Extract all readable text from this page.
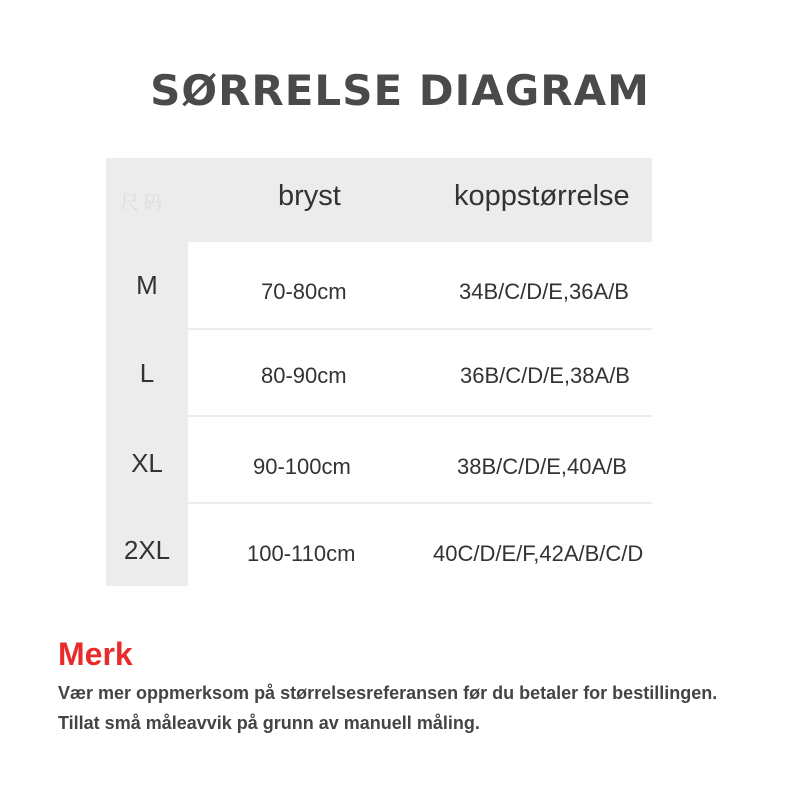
SØRRELSE DIAGRAM
尺码	bryst	koppstørrelse
M	70-80cm	34B/C/D/E,36A/B
L	80-90cm	36B/C/D/E,38A/B
XL	90-100cm	38B/C/D/E,40A/B
2XL	100-110cm	40C/D/E/F,42A/B/C/D
Merk
Vær mer oppmerksom på størrelsesreferansen før du betaler for bestillingen.
Tillat små måleavvik på grunn av manuell måling.
